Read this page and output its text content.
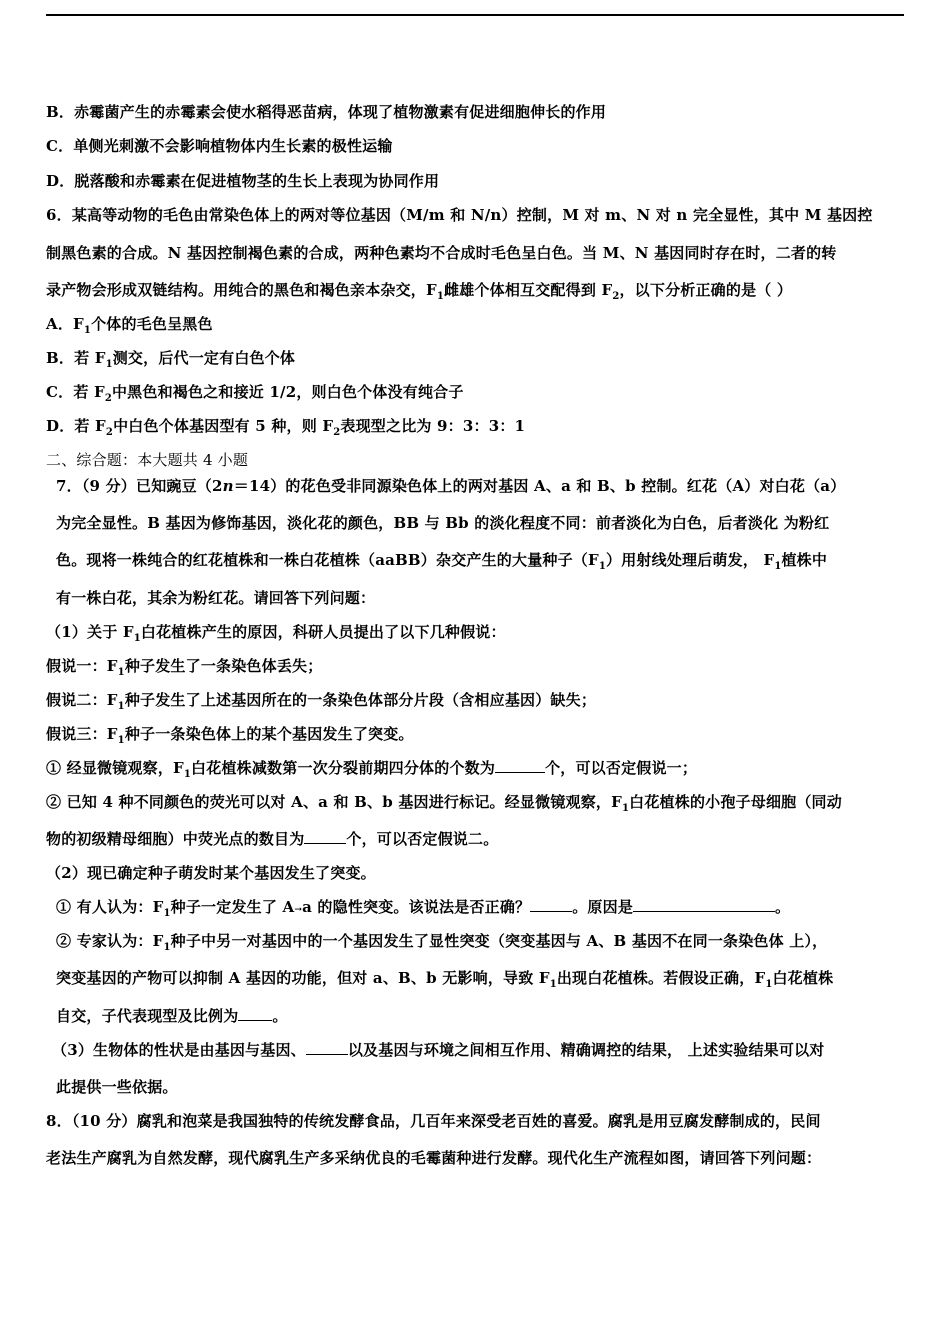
B．赤霉菌产生的赤霉素会使水稻得恶苗病，体现了植物激素有促进细胞伸长的作用
C．单侧光刺激不会影响植物体内生长素的极性运输
D．脱落酸和赤霉素在促进植物茎的生长上表现为协同作用
6．某高等动物的毛色由常染色体上的两对等位基因（M/m 和 N/n）控制，M 对 m、N 对 n 完全显性，其中 M 基因控
制黑色素的合成。N 基因控制褐色素的合成，两种色素均不合成时毛色呈白色。当 M、N 基因同时存在时，二者的转
录产物会形成双链结构。用纯合的黑色和褐色亲本杂交，$F_1$雌雄个体相互交配得到 $F_2$，以下分析正确的是（ ）
A．$F_1$个体的毛色呈黑色
B．若 $F_1$测交，后代一定有白色个体
C．若 $F_2$中黑色和褐色之和接近 1/2，则白色个体没有纯合子
D．若 $F_2$中白色个体基因型有 5 种，则 $F_2$表现型之比为 9：3：3：1
二、综合题：本大题共 4 小题
7．（9 分）已知豌豆（2n＝14）的花色受非同源染色体上的两对基因 A、a 和 B、b 控制。红花（A）对白花（a）
为完全显性。B 基因为修饰基因，淡化花的颜色，BB 与 Bb 的淡化程度不同：前者淡化为白色，后者淡化 为粉红
色。现将一株纯合的红花植株和一株白花植株（aaBB）杂交产生的大量种子$(F_1)$用射线处理后萌发， $F_1$植株中
有一株白花，其余为粉红花。请回答下列问题：
（1）关于 $F_1$白花植株产生的原因，科研人员提出了以下几种假说：
假说一：$F_1$种子发生了一条染色体丢失；
假说二：$F_1$种子发生了上述基因所在的一条染色体部分片段（含相应基因）缺失；
假说三：$F_1$种子一条染色体上的某个基因发生了突变。
① 经显微镜观察，$F_1$白花植株减数第一次分裂前期四分体的个数为	个，可以否定假说一；
② 已知 4 种不同颜色的荧光可以对 A、a 和 B、b 基因进行标记。经显微镜观察，$F_1$白花植株的小孢子母细胞（同动
物的初级精母细胞）中荧光点的数目为	个，可以否定假说二。
（2）现已确定种子萌发时某个基因发生了突变。
① 有人认为：$F_1$种子一定发生了 A→a 的隐性突变。该说法是否正确？	。原因是	。
② 专家认为：$F_1$种子中另一对基因中的一个基因发生了显性突变（突变基因与 A、B 基因不在同一条染色体 上），
突变基因的产物可以抑制 A 基因的功能，但对 a、B、b 无影响，导致 $F_1$出现白花植株。若假设正确，$F_1$白花植株
自交，子代表现型及比例为 。
（3）生物体的性状是由基因与基因、	以及基因与环境之间相互作用、精确调控的结果， 上述实验结果可以对
此提供一些依据。
8．（10 分）腐乳和泡菜是我国独特的传统发酵食品，几百年来深受老百姓的喜爱。腐乳是用豆腐发酵制成的，民间
老法生产腐乳为自然发酵，现代腐乳生产多采纳优良的毛霉菌种进行发酵。现代化生产流程如图，请回答下列问题：
